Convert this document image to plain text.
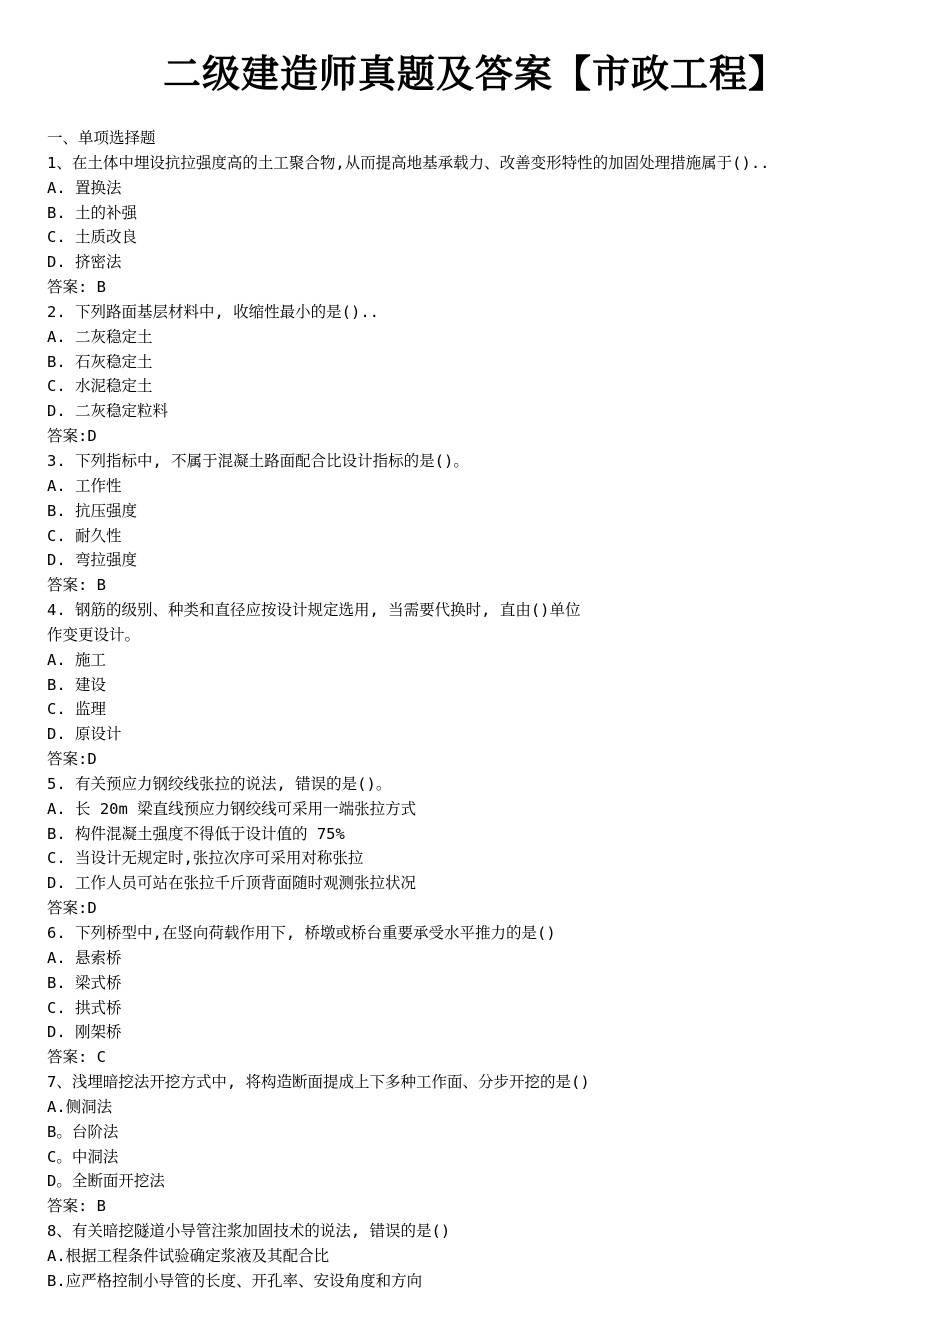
二级建造师真题及答案【市政工程】
一、单项选择题
1、在土体中埋设抗拉强度高的土工聚合物,从而提高地基承载力、改善变形特性的加固处理措施属于()..
A. 置换法
B. 土的补强
C. 土质改良
D. 挤密法
答案: B
2. 下列路面基层材料中, 收缩性最小的是()..
A. 二灰稳定土
B. 石灰稳定土
C. 水泥稳定土
D. 二灰稳定粒料
答案:D
3. 下列指标中, 不属于混凝土路面配合比设计指标的是()。
A. 工作性
B. 抗压强度
C. 耐久性
D. 弯拉强度
答案: B
4. 钢筋的级别、种类和直径应按设计规定选用, 当需要代换时, 直由()单位
作变更设计。
A. 施工
B. 建设
C. 监理
D. 原设计
答案:D
5. 有关预应力钢绞线张拉的说法, 错误的是()。
A. 长 20m 梁直线预应力钢绞线可采用一端张拉方式
B. 构件混凝土强度不得低于设计值的 75%
C. 当设计无规定时,张拉次序可采用对称张拉
D. 工作人员可站在张拉千斤顶背面随时观测张拉状况
答案:D
6. 下列桥型中,在竖向荷载作用下, 桥墩或桥台重要承受水平推力的是()
A. 悬索桥
B. 梁式桥
C. 拱式桥
D. 刚架桥
答案: C
7、浅埋暗挖法开挖方式中, 将构造断面提成上下多种工作面、分步开挖的是()
A.侧洞法
B。台阶法
C。中洞法
D。全断面开挖法
答案: B
8、有关暗挖隧道小导管注浆加固技术的说法, 错误的是()
A.根据工程条件试验确定浆液及其配合比
B.应严格控制小导管的长度、开孔率、安设角度和方向
